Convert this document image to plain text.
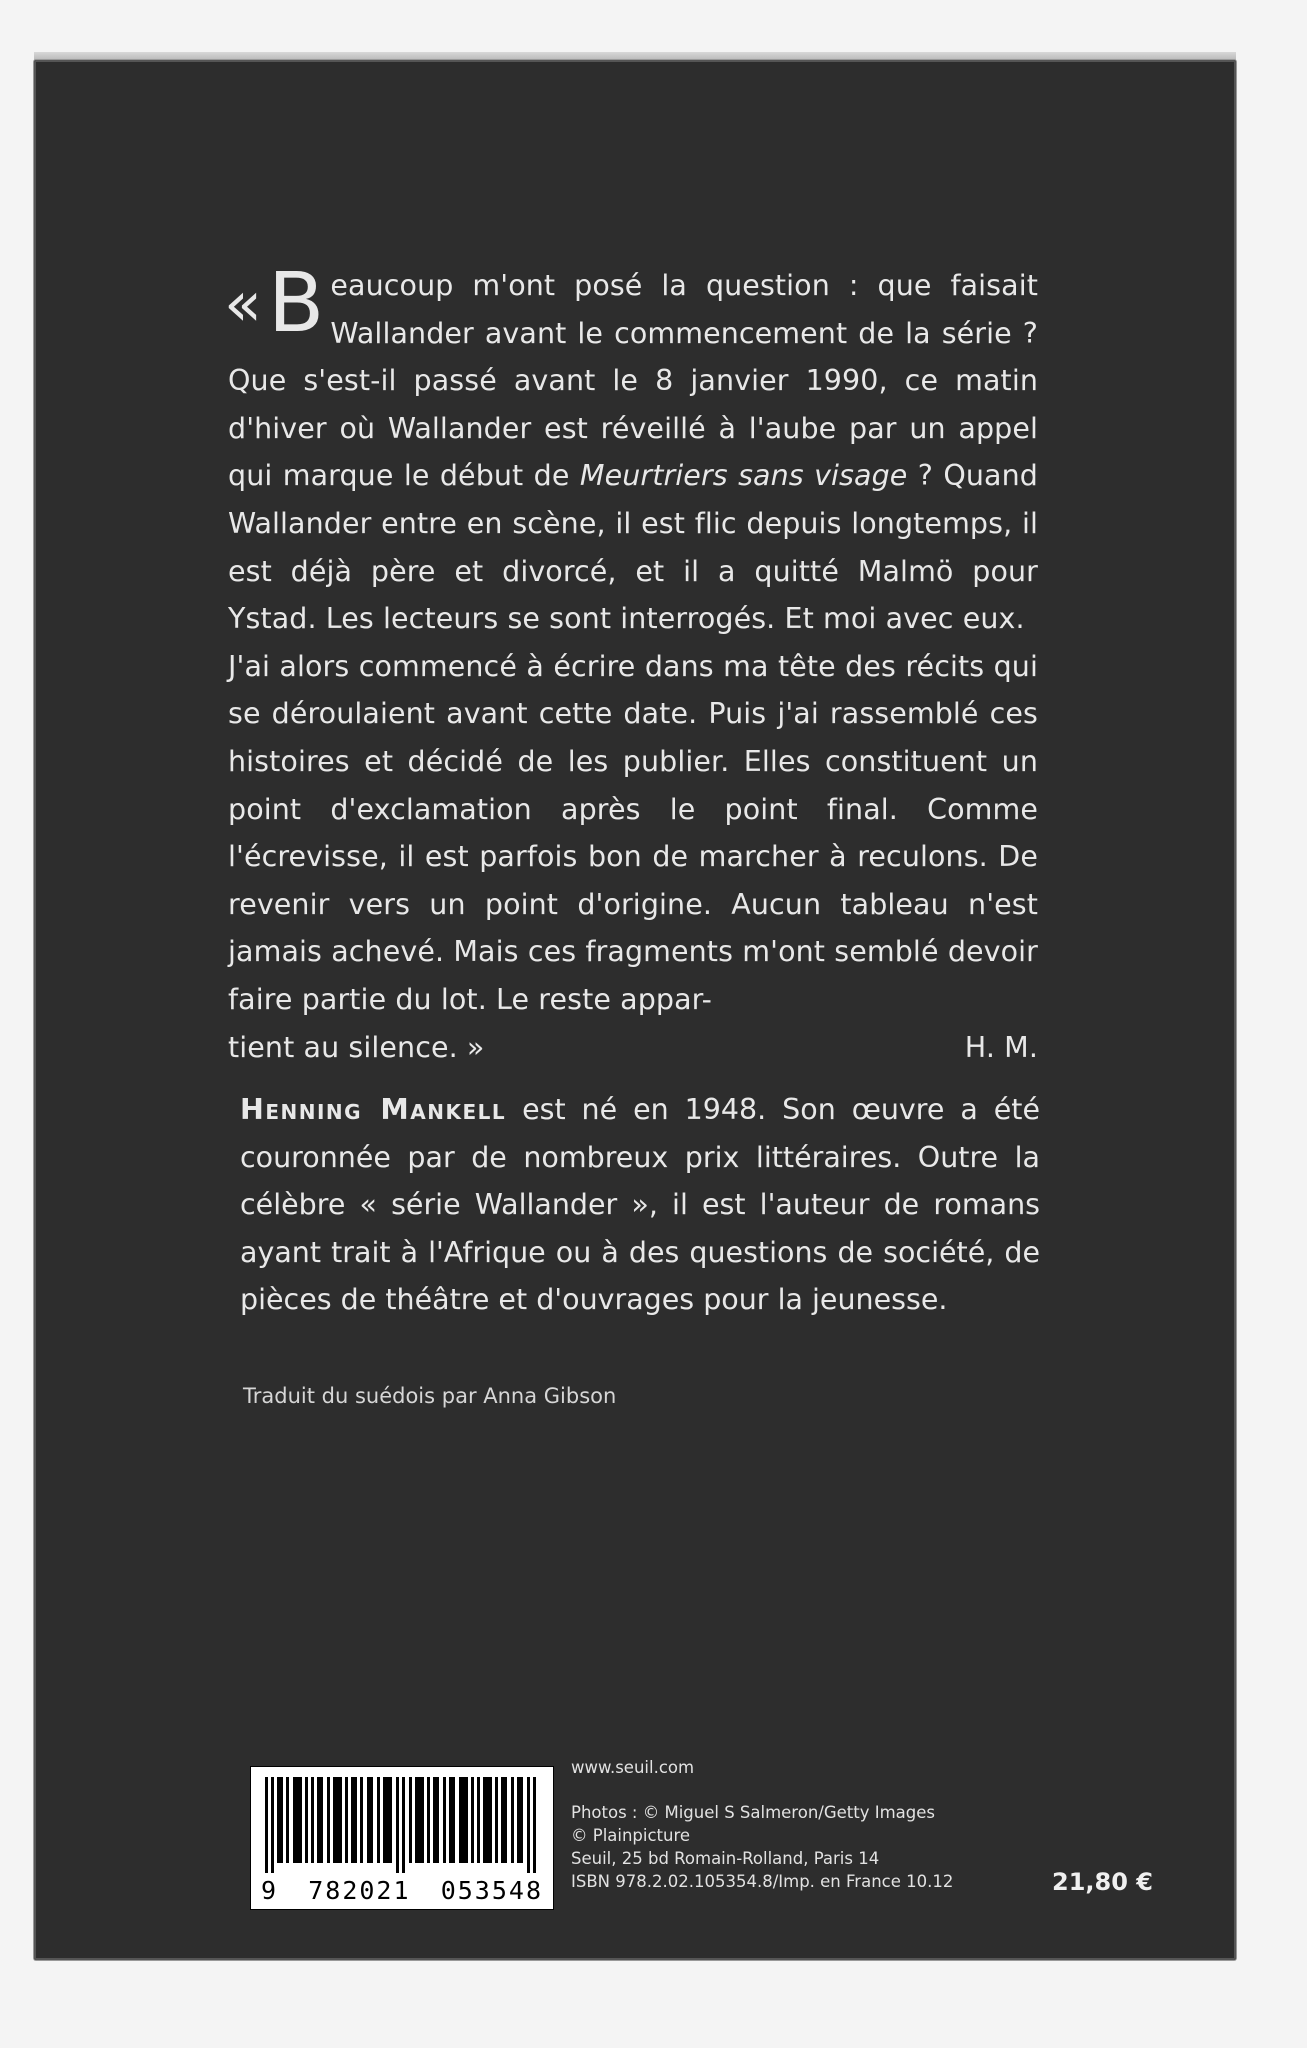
«B eaucoup m'ont posé la question : que faisait Wallander avant le commencement de la série ? Que s'est-il passé avant le 8 janvier 1990, ce matin d'hiver où Wallander est réveillé à l'aube par un appel qui marque le début de Meurtriers sans visage ? Quand Wallander entre en scène, il est flic depuis longtemps, il est déjà père et divorcé, et il a quitté Malmö pour Ystad. Les lecteurs se sont interrogés. Et moi avec eux.

J'ai alors commencé à écrire dans ma tête des récits qui se déroulaient avant cette date. Puis j'ai rassemblé ces histoires et décidé de les publier. Elles constituent un point d'exclamation après le point final. Comme l'écrevisse, il est parfois bon de marcher à reculons. De revenir vers un point d'origine. Aucun tableau n'est jamais achevé. Mais ces fragments m'ont semblé devoir faire partie du lot. Le reste appar-

tient au silence. »	H. M.
Henning Mankell est né en 1948. Son œuvre a été couronnée par de nombreux prix littéraires. Outre la célèbre « série Wallander », il est l'auteur de romans ayant trait à l'Afrique ou à des questions de société, de pièces de théâtre et d'ouvrages pour la jeunesse.
Traduit du suédois par Anna Gibson
9 782021 053548
www.seuil.com
Photos : © Miguel S Salmeron/Getty Images
© Plainpicture
Seuil, 25 bd Romain-Rolland, Paris 14
ISBN 978.2.02.105354.8/Imp. en France 10.12	21,80 €
